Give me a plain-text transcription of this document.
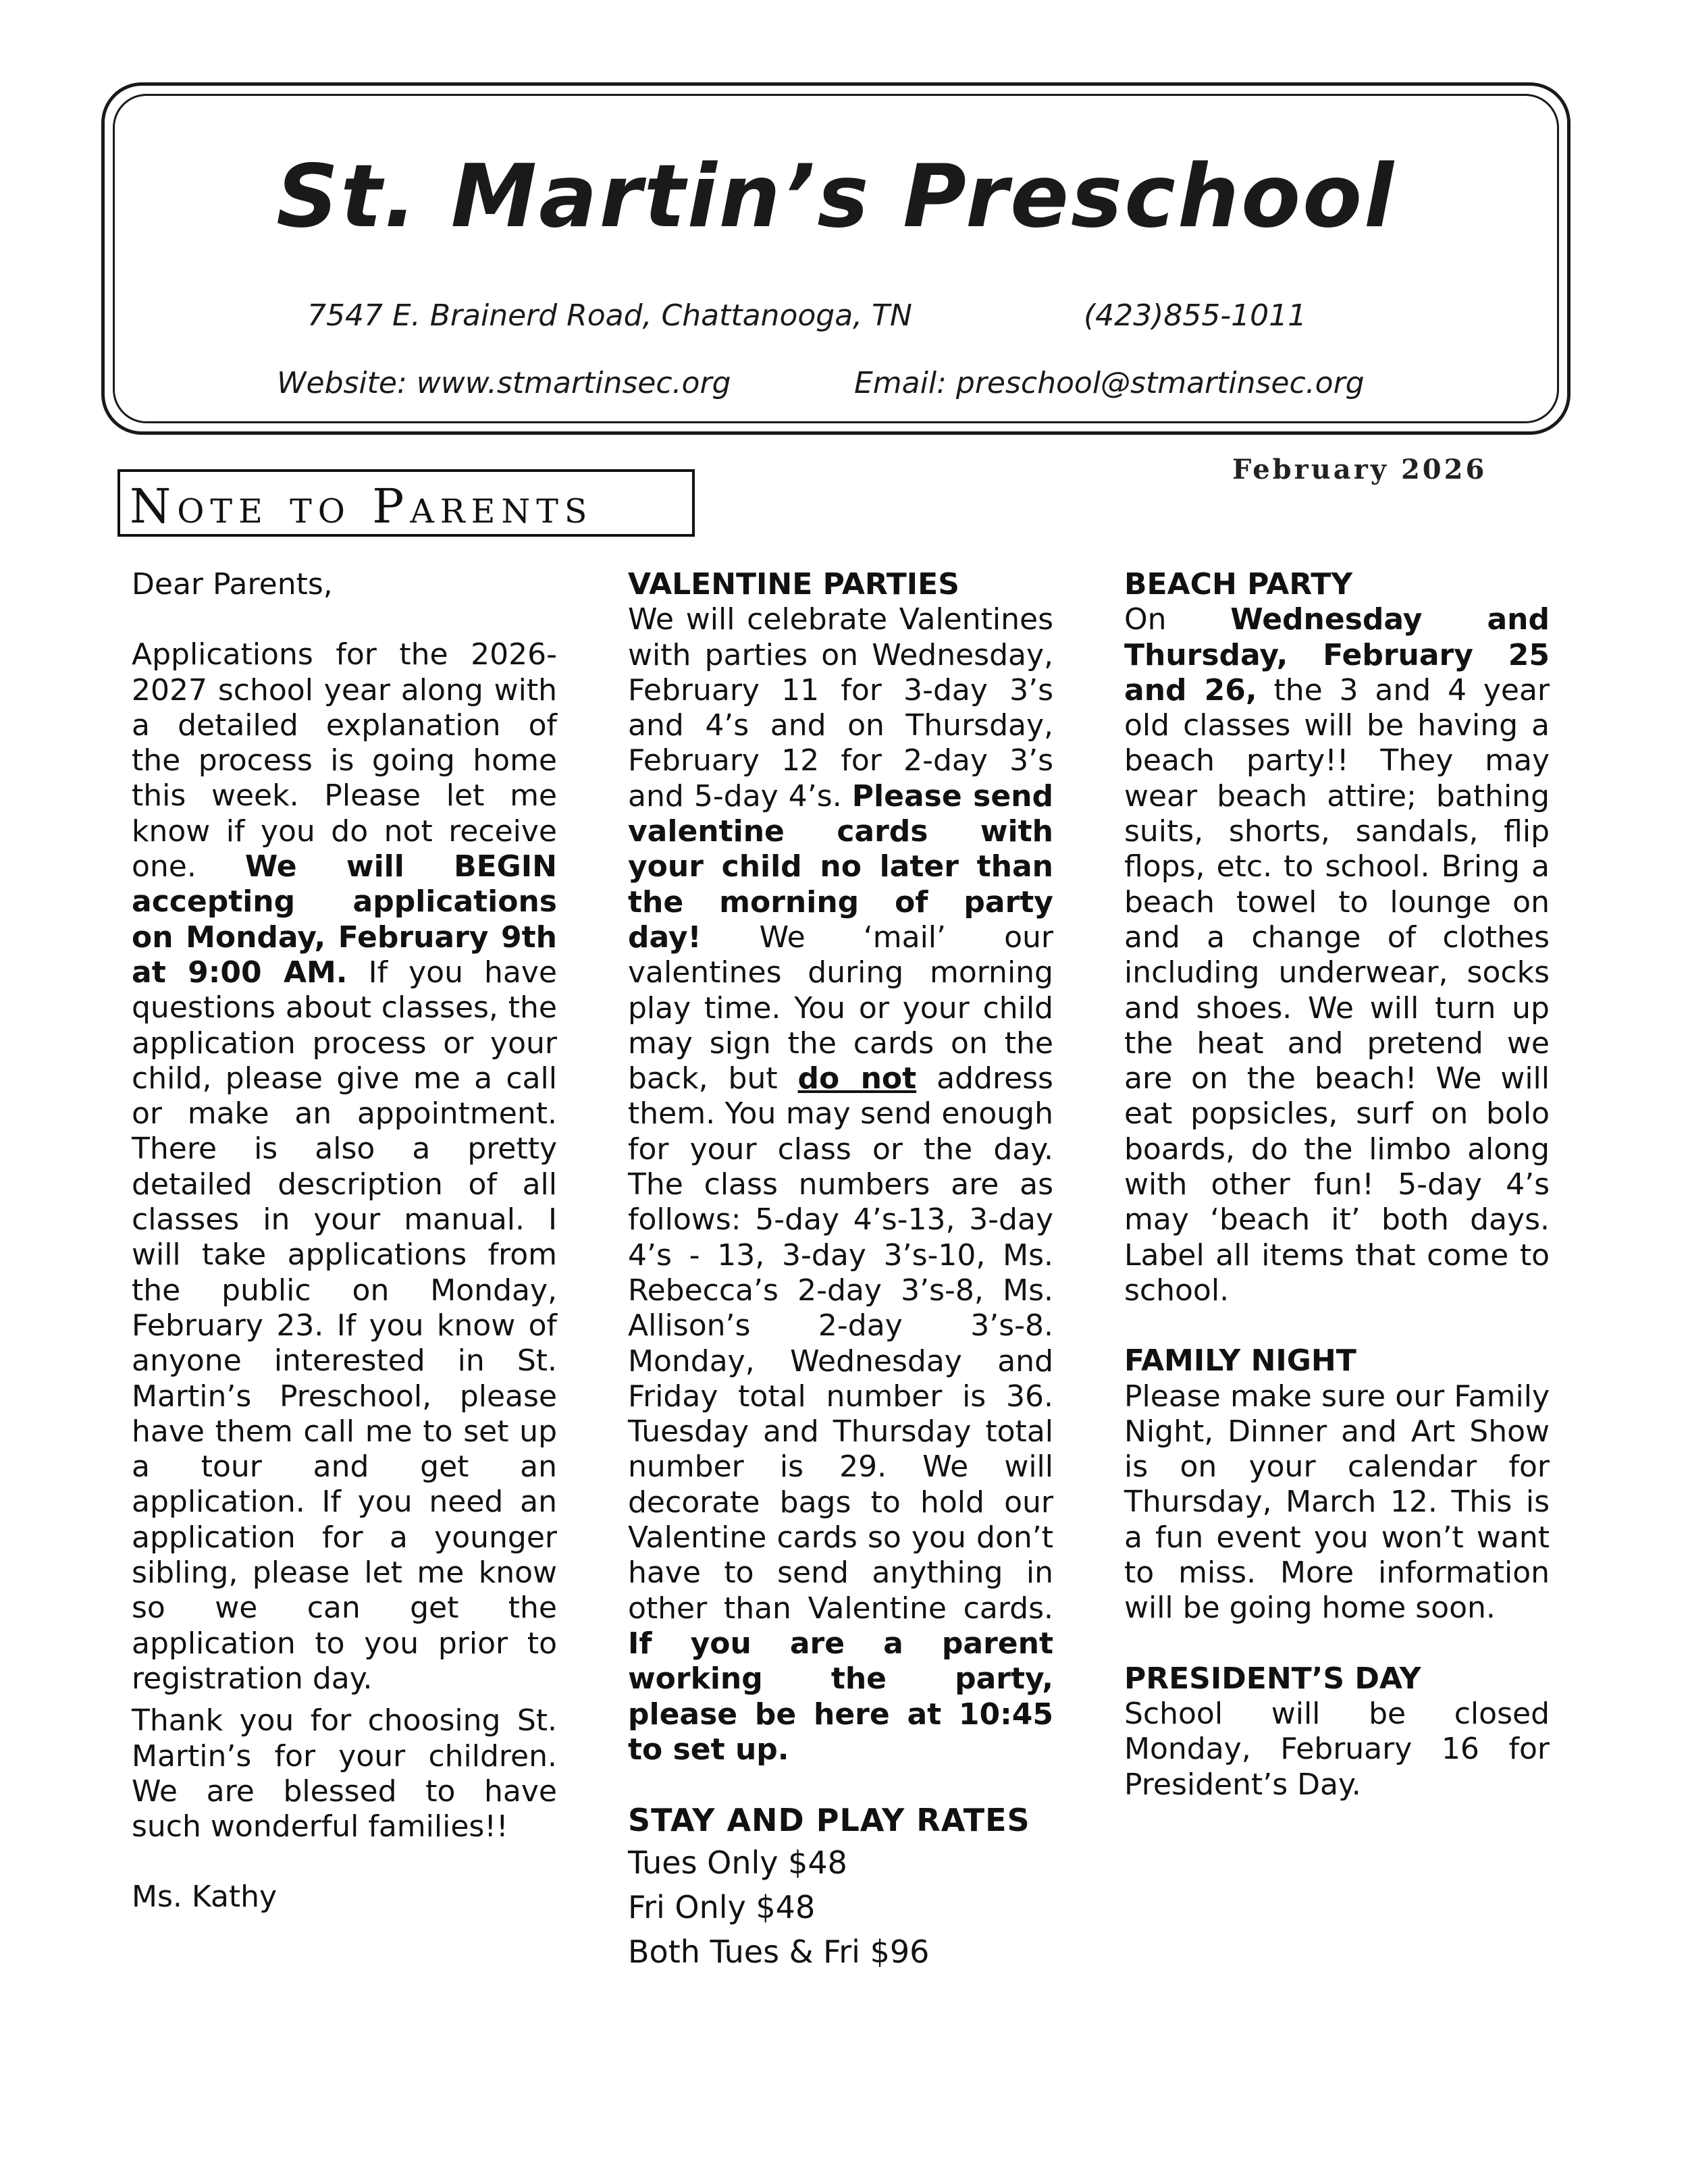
St. Martin’s Preschool
7547 E. Brainerd Road, Chattanooga, TN	(423)855-1011
Website: www.stmartinsec.org	Email: preschool@stmartinsec.org
February 2026
Note to Parents

Dear Parents,

Applications for the 2026-2027 school year along with a detailed explanation of the process is going home this week. Please let me know if you do not receive one. We will BEGIN accepting applications on Monday, February 9th at 9:00 AM. If you have questions about classes, the application process or your child, please give me a call or make an appointment. There is also a pretty detailed description of all classes in your manual. I will take applications from the public on Monday, February 23. If you know of anyone interested in St. Martin’s Preschool, please have them call me to set up a tour and get an application. If you need an application for a younger sibling, please let me know so we can get the application to you prior to registration day.

Thank you for choosing St. Martin’s for your children. We are blessed to have such wonderful families!!

Ms. Kathy

VALENTINE PARTIES

We will celebrate Valentines with parties on Wednesday, February 11 for 3-day 3’s and 4’s and on Thursday, February 12 for 2-day 3’s and 5-day 4’s. Please send valentine cards with your child no later than the morning of party day! We ‘mail’ our valentines during morning play time. You or your child may sign the cards on the back, but do not address them. You may send enough for your class or the day. The class numbers are as follows: 5-day 4’s-13, 3-day 4’s - 13, 3-day 3’s-10, Ms. Rebecca’s 2-day 3’s-8, Ms. Allison’s 2-day 3’s-8. Monday, Wednesday and Friday total number is 36. Tuesday and Thursday total number is 29. We will decorate bags to hold our Valentine cards so you don’t have to send anything in other than Valentine cards. If you are a parent working the party, please be here at 10:45 to set up.

STAY AND PLAY RATES

Tues Only $48

Fri Only $48

Both Tues & Fri $96

BEACH PARTY

On Wednesday and Thursday, February 25 and 26, the 3 and 4 year old classes will be having a beach party!! They may wear beach attire; bathing suits, shorts, sandals, flip flops, etc. to school. Bring a beach towel to lounge on and a change of clothes including underwear, socks and shoes. We will turn up the heat and pretend we are on the beach! We will eat popsicles, surf on bolo boards, do the limbo along with other fun! 5-day 4’s may ‘beach it’ both days. Label all items that come to school.

FAMILY NIGHT

Please make sure our Family Night, Dinner and Art Show is on your calendar for Thursday, March 12. This is a fun event you won’t want to miss. More information will be going home soon.

PRESIDENT’S DAY

School will be closed Monday, February 16 for President’s Day.
